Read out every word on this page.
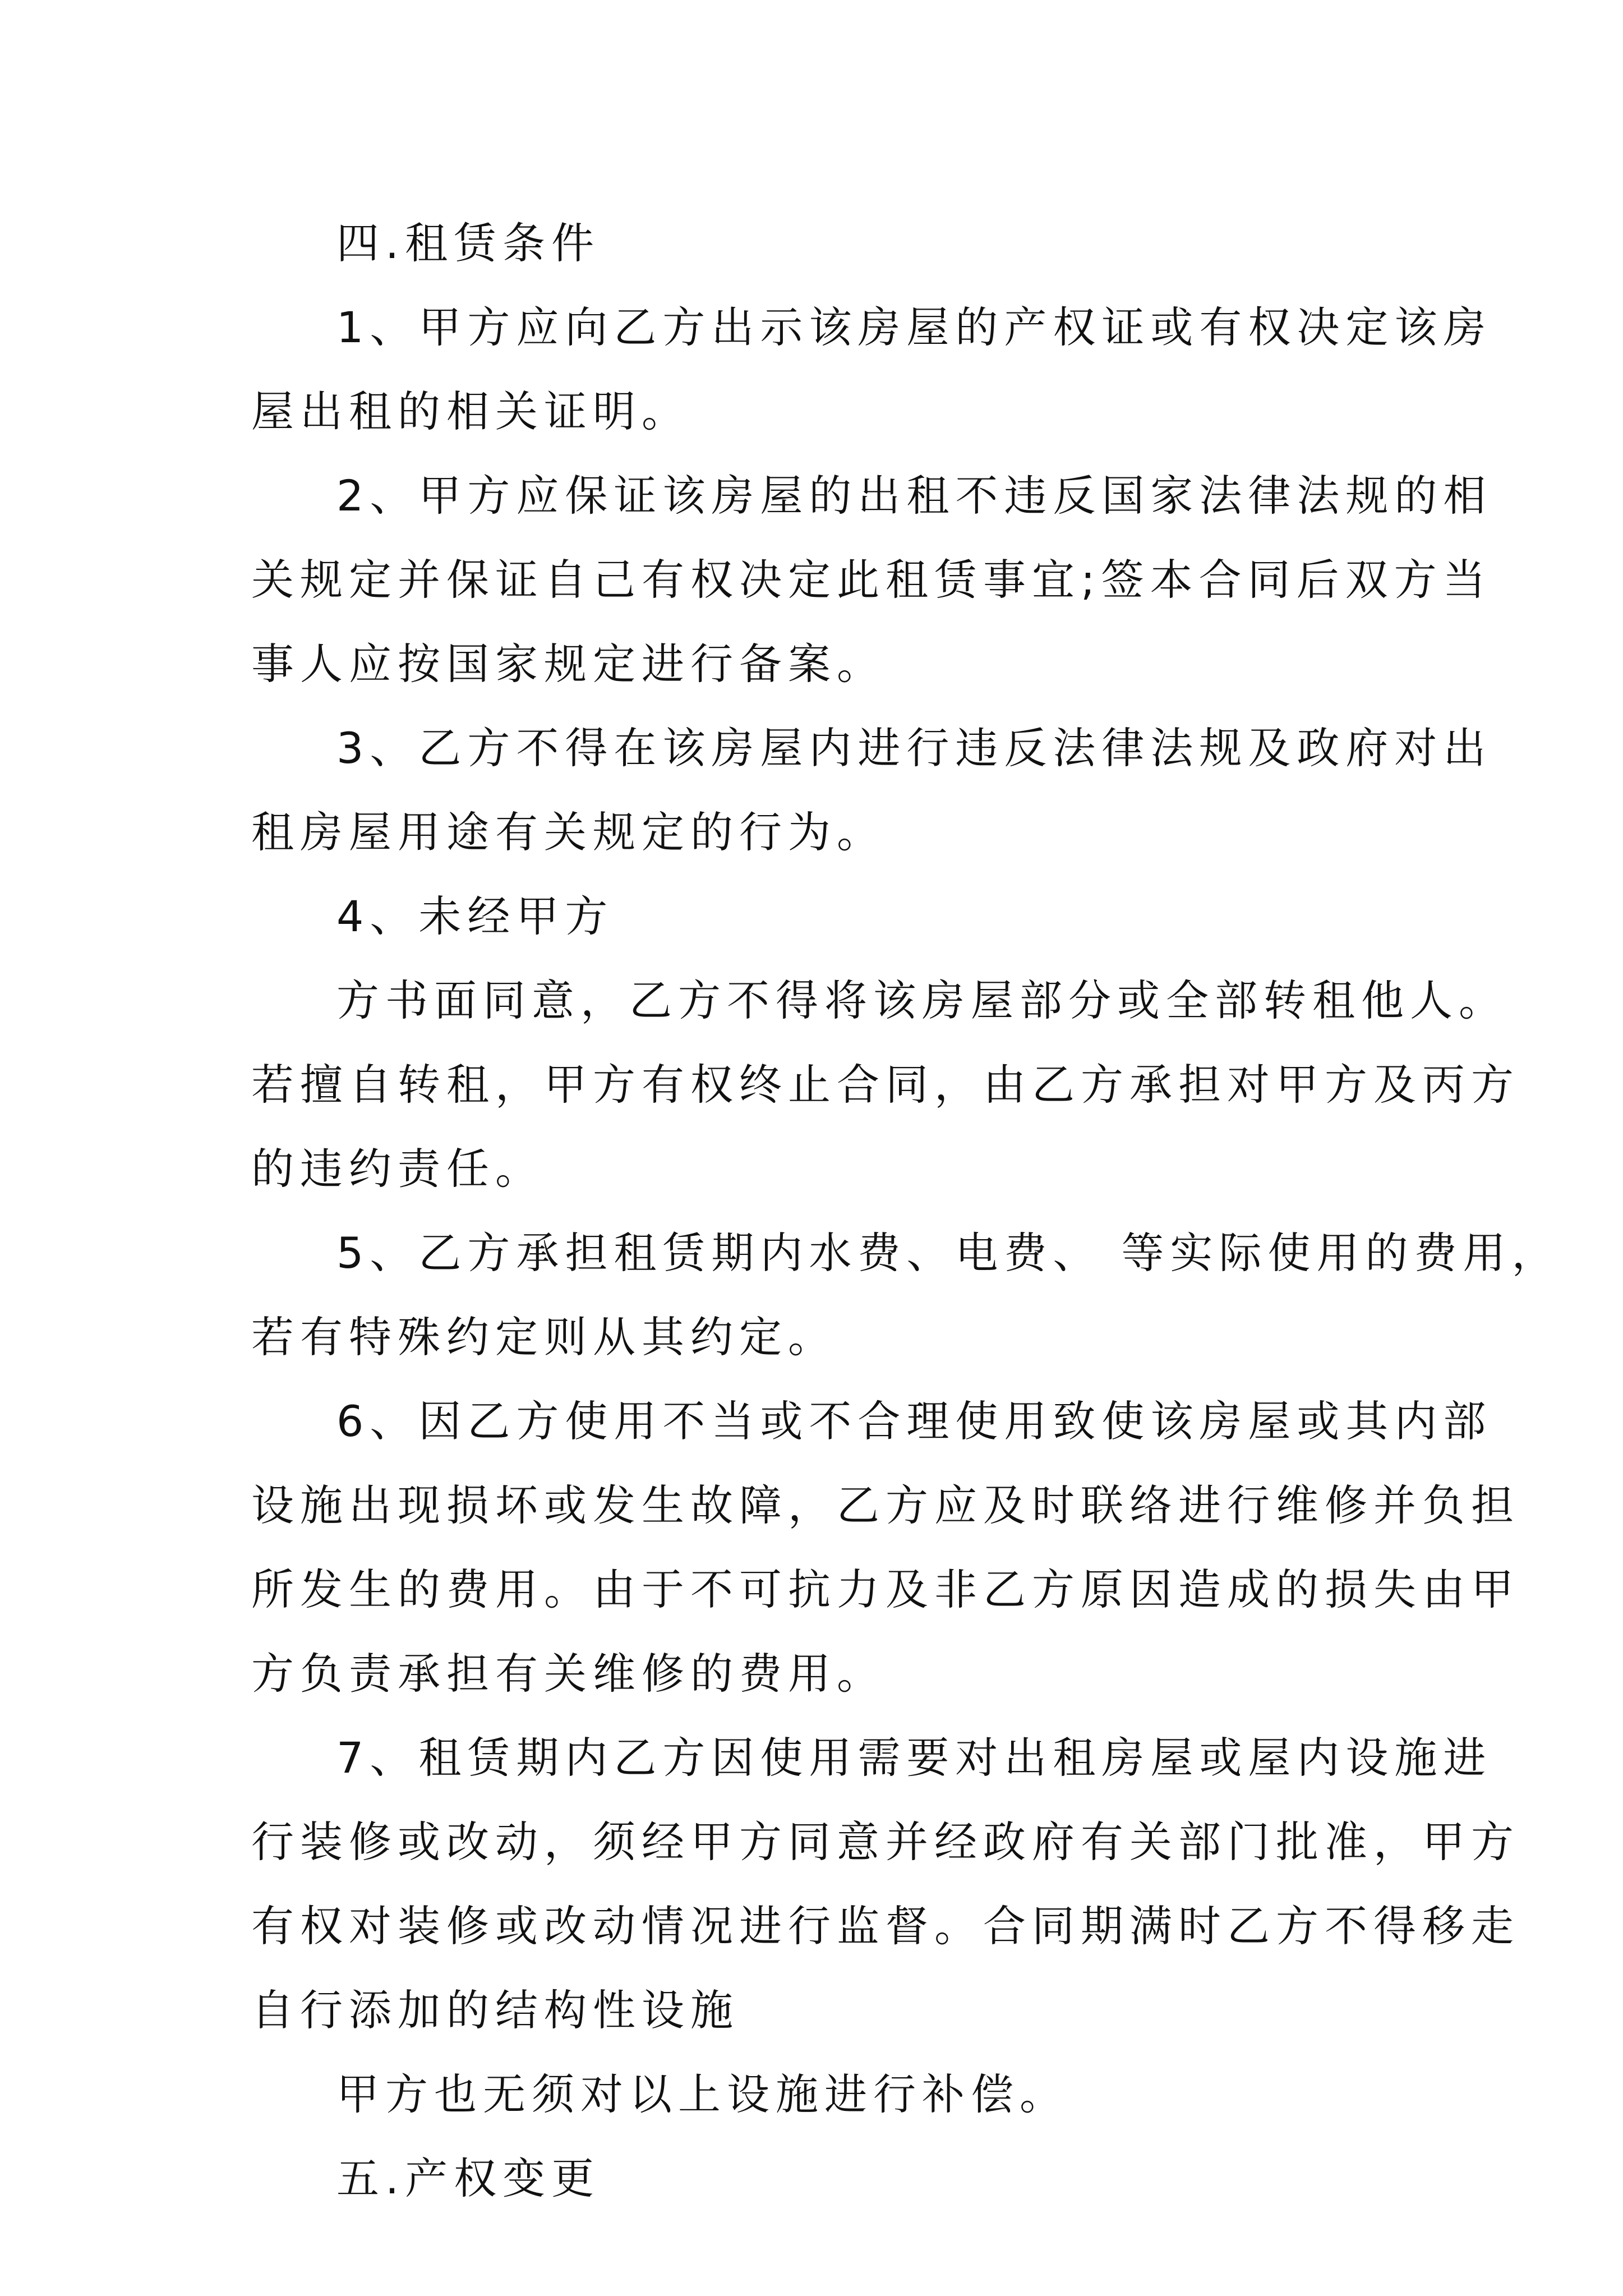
四.租赁条件
1、甲方应向乙方出示该房屋的产权证或有权决定该房
屋出租的相关证明。
2、甲方应保证该房屋的出租不违反国家法律法规的相
关规定并保证自己有权决定此租赁事宜;签本合同后双方当
事人应按国家规定进行备案。
3、乙方不得在该房屋内进行违反法律法规及政府对出
租房屋用途有关规定的行为。
4、未经甲方
方书面同意，乙方不得将该房屋部分或全部转租他人。
若擅自转租，甲方有权终止合同，由乙方承担对甲方及丙方
的违约责任。
5、乙方承担租赁期内水费、电费、 等实际使用的费用，
若有特殊约定则从其约定。
6、因乙方使用不当或不合理使用致使该房屋或其内部
设施出现损坏或发生故障，乙方应及时联络进行维修并负担
所发生的费用。由于不可抗力及非乙方原因造成的损失由甲
方负责承担有关维修的费用。
7、租赁期内乙方因使用需要对出租房屋或屋内设施进
行装修或改动，须经甲方同意并经政府有关部门批准，甲方
有权对装修或改动情况进行监督。合同期满时乙方不得移走
自行添加的结构性设施
甲方也无须对以上设施进行补偿。
五.产权变更
